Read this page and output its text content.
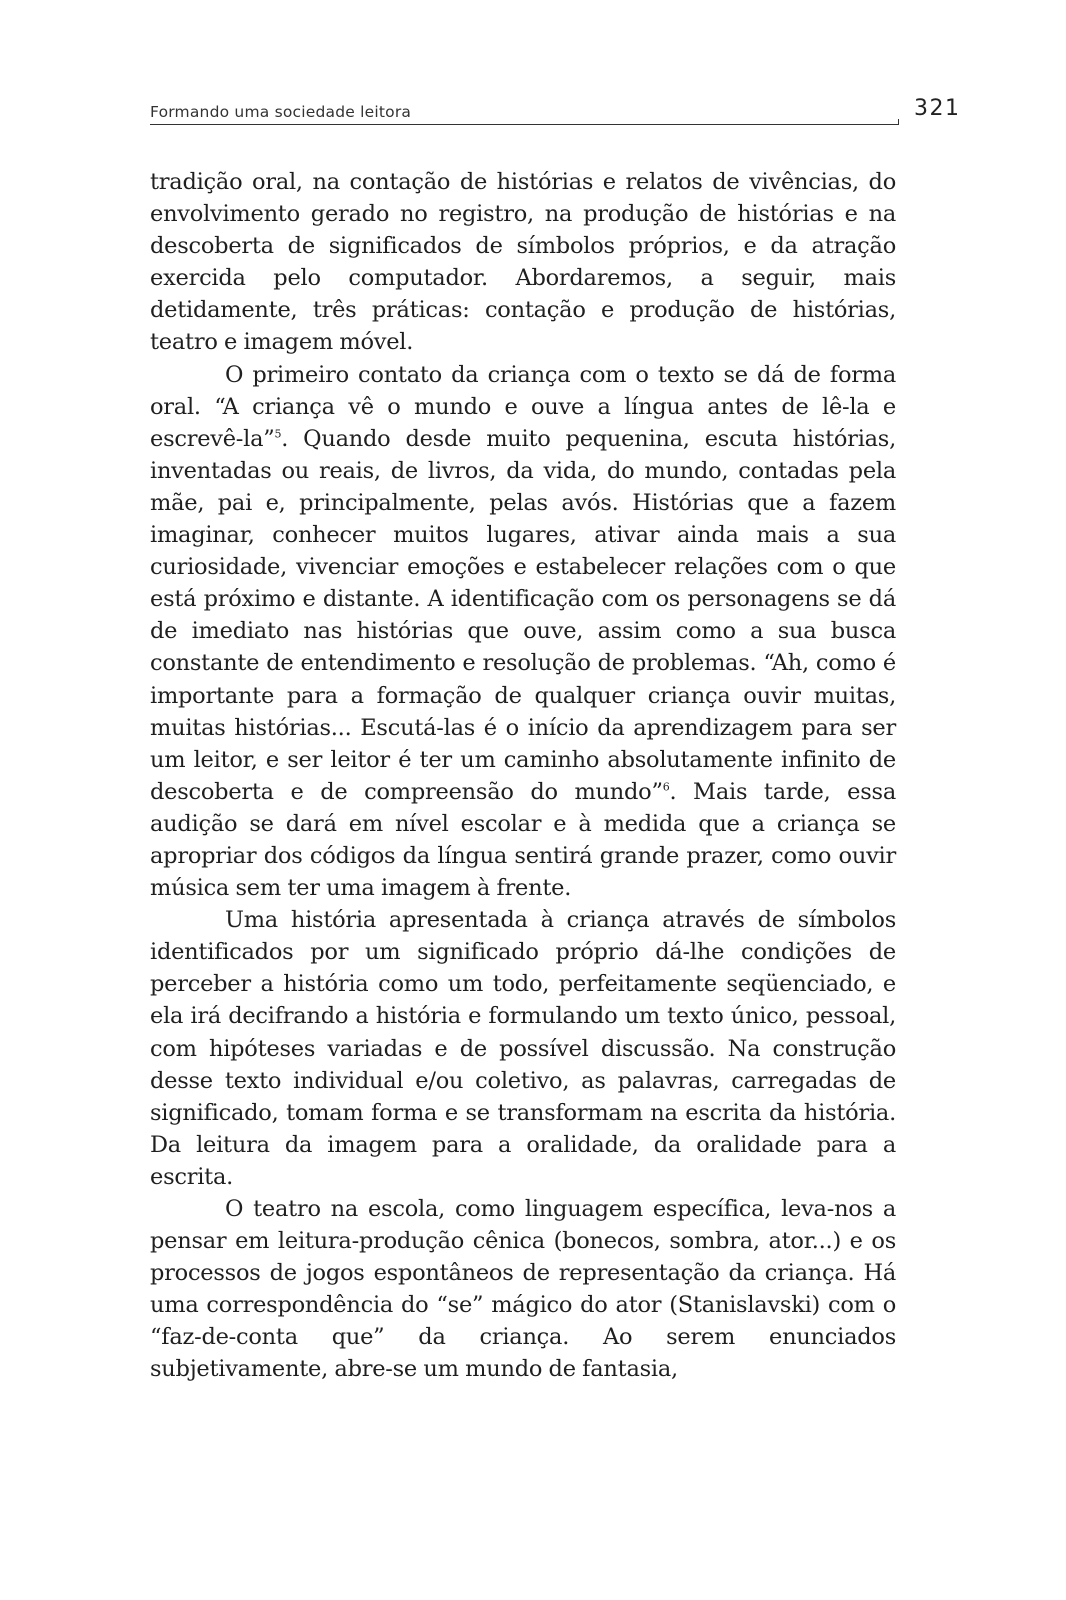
Formando uma sociedade leitora	321

tradição oral, na contação de histórias e relatos de vivências, do envolvimento gerado no registro, na produção de histórias e na descoberta de significados de símbolos próprios, e da atração exercida pelo computador. Abordaremos, a seguir, mais detidamente, três práticas: contação e produção de histórias, teatro e imagem móvel.

O primeiro contato da criança com o texto se dá de forma oral. “A criança vê o mundo e ouve a língua antes de lê-la e escrevê-la”$^5$. Quando desde muito pequenina, escuta histórias, inventadas ou reais, de livros, da vida, do mundo, contadas pela mãe, pai e, principalmente, pelas avós. Histórias que a fazem imaginar, conhecer muitos lugares, ativar ainda mais a sua curiosidade, vivenciar emoções e estabelecer relações com o que está próximo e distante. A identificação com os personagens se dá de imediato nas histórias que ouve, assim como a sua busca constante de entendimento e resolução de problemas. “Ah, como é importante para a formação de qualquer criança ouvir muitas, muitas histórias... Escutá-las é o início da aprendizagem para ser um leitor, e ser leitor é ter um caminho absolutamente infinito de descoberta e de compreensão do mundo”$^6$. Mais tarde, essa audição se dará em nível escolar e à medida que a criança se apropriar dos códigos da língua sentirá grande prazer, como ouvir música sem ter uma imagem à frente.

Uma história apresentada à criança através de símbolos identificados por um significado próprio dá-lhe condições de perceber a história como um todo, perfeitamente seqüenciado, e ela irá decifrando a história e formulando um texto único, pessoal, com hipóteses variadas e de possível discussão. Na construção desse texto individual e/ou coletivo, as palavras, carregadas de significado, tomam forma e se transformam na escrita da história. Da leitura da imagem para a oralidade, da oralidade para a escrita.

O teatro na escola, como linguagem específica, leva-nos a pensar em leitura-produção cênica (bonecos, sombra, ator...) e os processos de jogos espontâneos de representação da criança. Há uma correspondência do “se” mágico do ator (Stanislavski) com o “faz-de-conta que” da criança. Ao serem enunciados subjetivamente, abre-se um mundo de fantasia,
